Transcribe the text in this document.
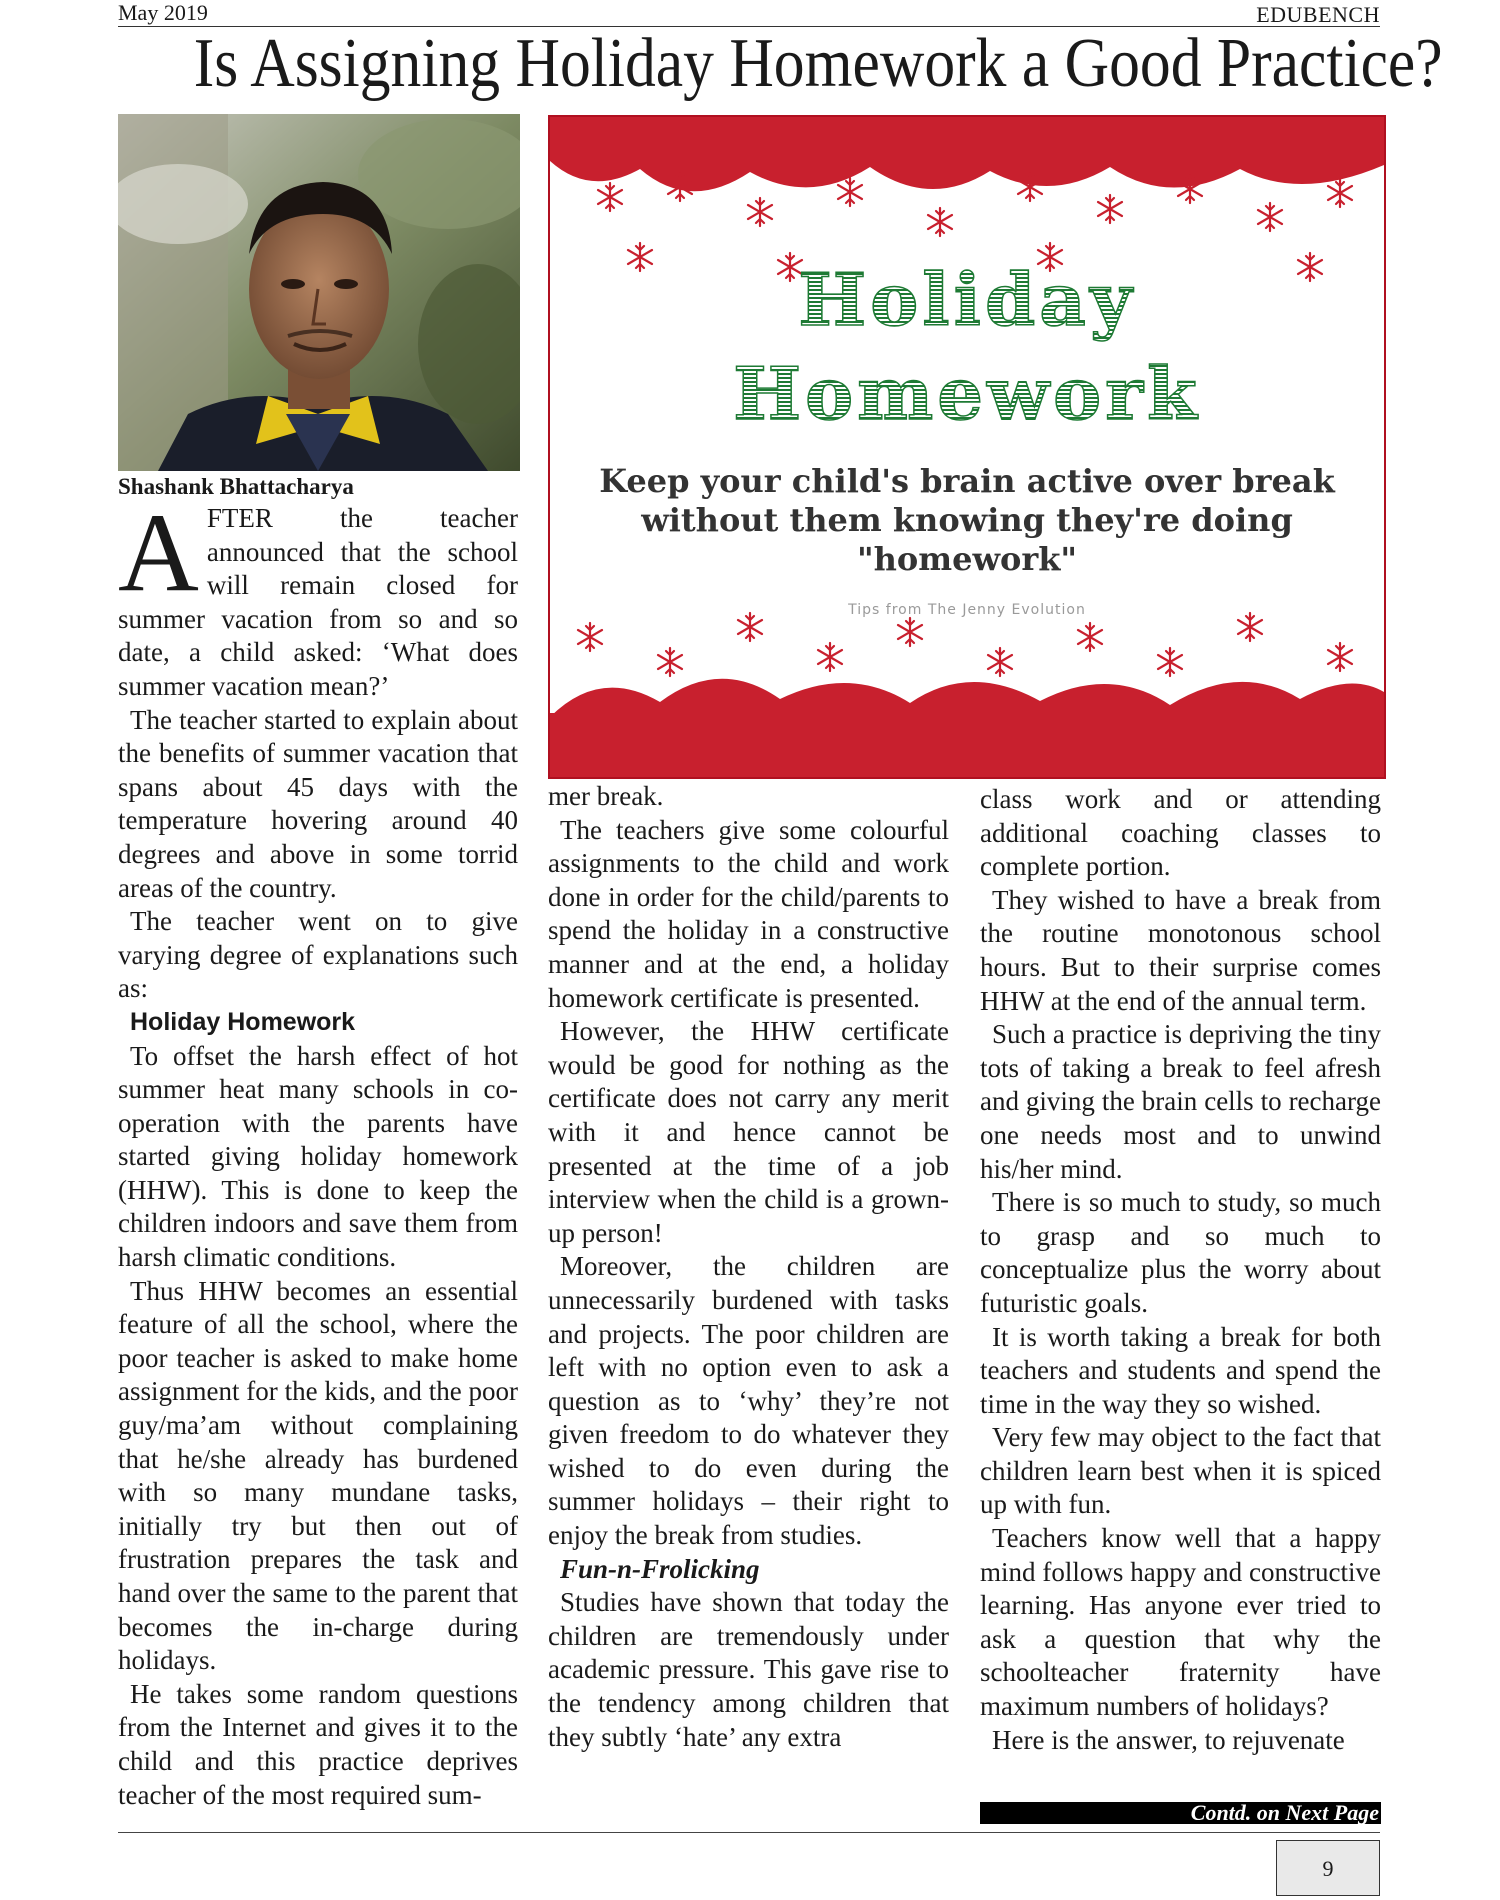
May 2019	EDUBENCH
Is Assigning Holiday Homework a Good Practice?
Shashank Bhattacharya
A FTER the teacher announced that the school will remain closed for summer vacation from so and so date, a child asked: ‘What does summer vacation mean?’

The teacher started to explain about the benefits of summer vacation that spans about 45 days with the temperature hovering around 40 degrees and above in some torrid areas of the country.

The teacher went on to give varying degree of explanations such as:

Holiday Homework

To offset the harsh effect of hot summer heat many schools in co-operation with the parents have started giving holiday homework (HHW). This is done to keep the children indoors and save them from harsh climatic conditions.

Thus HHW becomes an essential feature of all the school, where the poor teacher is asked to make home assignment for the kids, and the poor guy/ma’am without complaining that he/she already has burdened with so many mundane tasks, initially try but then out of frustration prepares the task and hand over the same to the parent that becomes the in-charge during holidays.

He takes some random questions from the Internet and gives it to the child and this practice deprives teacher of the most required sum-

Holiday
Homework
Keep your child's brain active over break without them knowing they're doing "homework"
Tips from The Jenny Evolution

mer break.

The teachers give some colourful assignments to the child and work done in order for the child/parents to spend the holiday in a constructive manner and at the end, a holiday homework certificate is presented.

However, the HHW certificate would be good for nothing as the certificate does not carry any merit with it and hence cannot be presented at the time of a job interview when the child is a grown-up person!

Moreover, the children are unnecessarily burdened with tasks and projects. The poor children are left with no option even to ask a question as to ‘why’ they’re not given freedom to do whatever they wished to do even during the summer holidays – their right to enjoy the break from studies.

Fun-n-Frolicking

Studies have shown that today the children are tremendously under academic pressure. This gave rise to the tendency among children that they subtly ‘hate’ any extra

class work and or attending additional coaching classes to complete portion.

They wished to have a break from the routine monotonous school hours. But to their surprise comes HHW at the end of the annual term.

Such a practice is depriving the tiny tots of taking a break to feel afresh and giving the brain cells to recharge one needs most and to unwind his/her mind.

There is so much to study, so much to grasp and so much to conceptualize plus the worry about futuristic goals.

It is worth taking a break for both teachers and students and spend the time in the way they so wished.

Very few may object to the fact that children learn best when it is spiced up with fun.

Teachers know well that a happy mind follows happy and constructive learning. Has anyone ever tried to ask a question that why the schoolteacher fraternity have maximum numbers of holidays?

Here is the answer, to rejuvenate

Contd. on Next Page
9
